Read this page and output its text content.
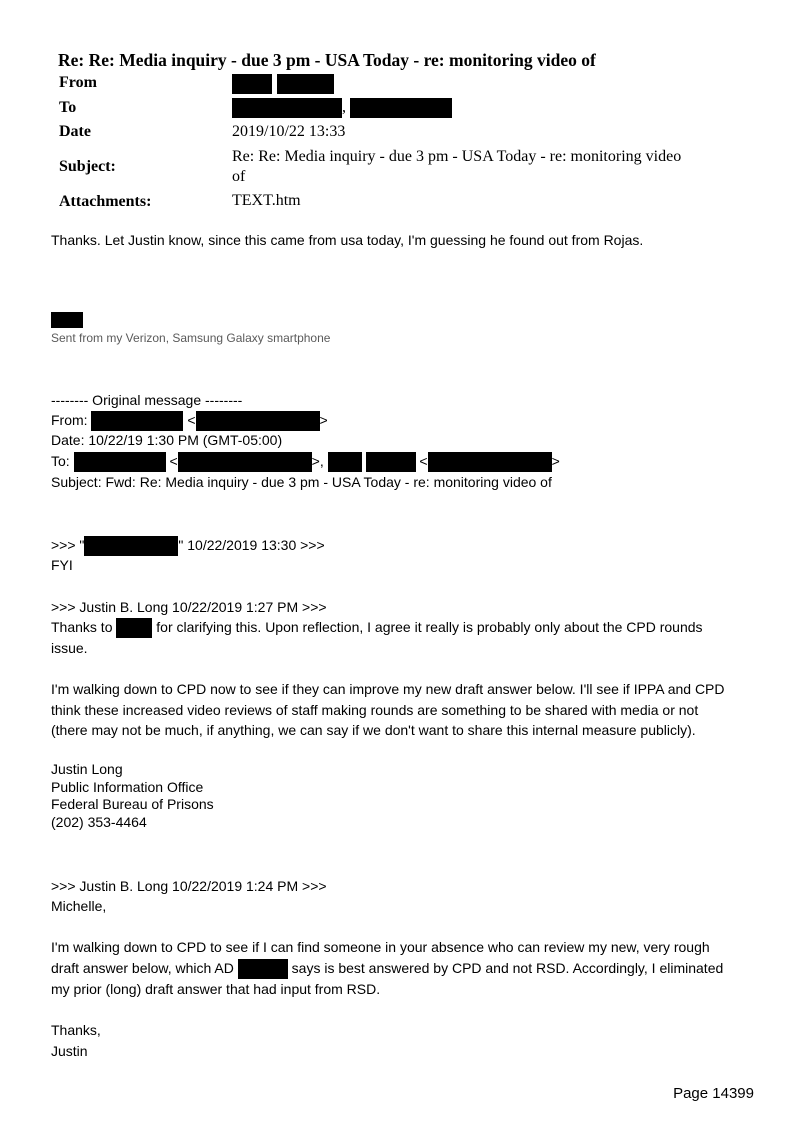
Re: Re: Media inquiry - due 3 pm - USA Today - re: monitoring video of
From

To	,
Date	2019/10/22 13:33
Subject:
Re: Re: Media inquiry - due 3 pm - USA Today - re: monitoring video
of
Attachments:	TEXT.htm
Thanks. Let Justin know, since this came from usa today, I'm guessing he found out from Rojas.
Sent from my Verizon, Samsung Galaxy smartphone
-------- Original message --------
From:	<	>
Date: 10/22/19 1:30 PM (GMT-05:00)
To:	<	>,	<	>
Subject: Fwd: Re: Media inquiry - due 3 pm - USA Today - re: monitoring video of
>>> "	" 10/22/2019 13:30 >>>
FYI
>>> Justin B. Long 10/22/2019 1:27 PM >>>
Thanks to	for clarifying this. Upon reflection, I agree it really is probably only about the CPD rounds
issue.
I'm walking down to CPD now to see if they can improve my new draft answer below. I'll see if IPPA and CPD
think these increased video reviews of staff making rounds are something to be shared with media or not
(there may not be much, if anything, we can say if we don't want to share this internal measure publicly).
Justin Long
Public Information Office
Federal Bureau of Prisons
(202) 353-4464
>>> Justin B. Long 10/22/2019 1:24 PM >>>
Michelle,
I'm walking down to CPD to see if I can find someone in your absence who can review my new, very rough
draft answer below, which AD	says is best answered by CPD and not RSD. Accordingly, I eliminated
my prior (long) draft answer that had input from RSD.
Thanks,
Justin
Page 14399
